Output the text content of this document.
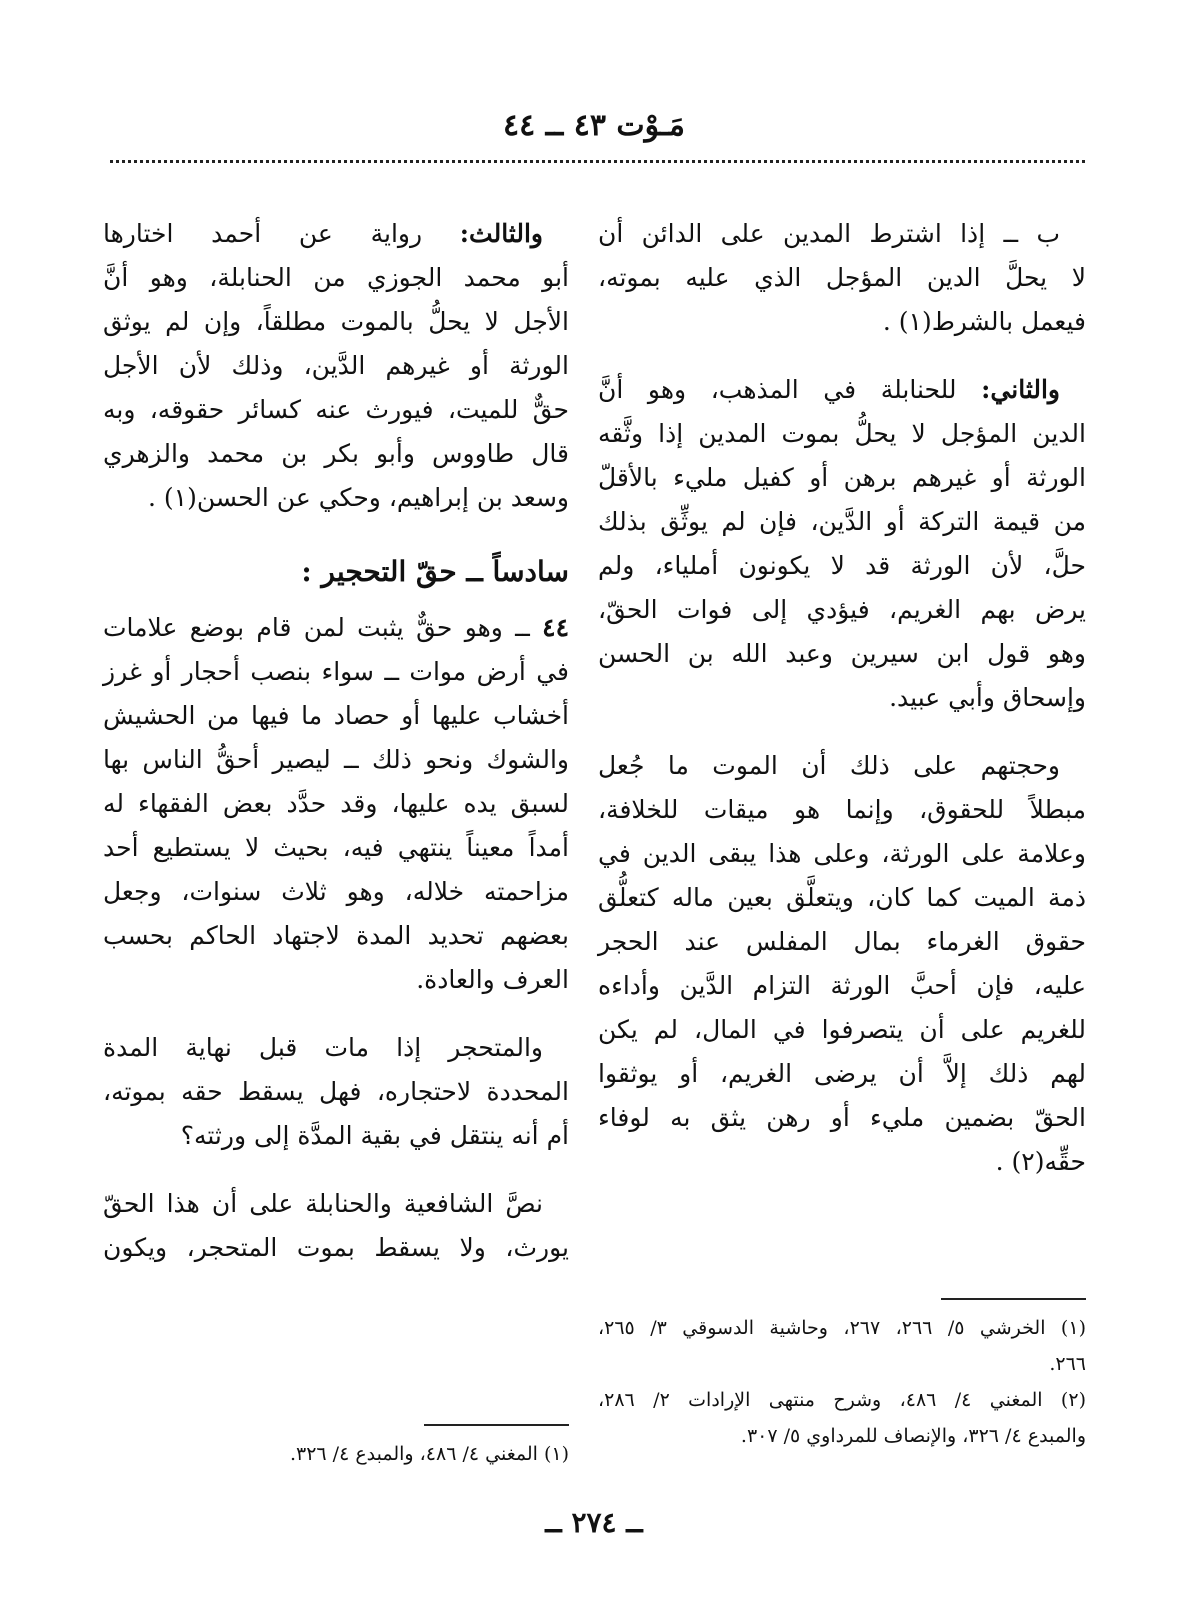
مَـوْت ٤٣ ــ ٤٤
ب ــ إذا اشترط المدين على الدائن أن
لا يحلَّ الدين المؤجل الذي عليه بموته،
فيعمل بالشرط(١) .
والثاني: للحنابلة في المذهب، وهو أنَّ
الدين المؤجل لا يحلُّ بموت المدين إذا وثَّقه
الورثة أو غيرهم برهن أو كفيل مليء بالأقلّ
من قيمة التركة أو الدَّين، فإن لم يوثِّق بذلك
حلَّ، لأن الورثة قد لا يكونون أملياء، ولم
يرض بهم الغريم، فيؤدي إلى فوات الحقّ،
وهو قول ابن سيرين وعبد الله بن الحسن
وإسحاق وأبي عبيد.
وحجتهم على ذلك أن الموت ما جُعل
مبطلاً للحقوق، وإنما هو ميقات للخلافة،
وعلامة على الورثة، وعلى هذا يبقى الدين في
ذمة الميت كما كان، ويتعلَّق بعين ماله كتعلُّق
حقوق الغرماء بمال المفلس عند الحجر
عليه، فإن أحبَّ الورثة التزام الدَّين وأداءه
للغريم على أن يتصرفوا في المال، لم يكن
لهم ذلك إلاَّ أن يرضى الغريم، أو يوثقوا
الحقّ بضمين مليء أو رهن يثق به لوفاء
حقِّه(٢) .
والثالث: رواية عن أحمد اختارها
أبو محمد الجوزي من الحنابلة، وهو أنَّ
الأجل لا يحلُّ بالموت مطلقاً، وإن لم يوثق
الورثة أو غيرهم الدَّين، وذلك لأن الأجل
حقٌّ للميت، فيورث عنه كسائر حقوقه، وبه
قال طاووس وأبو بكر بن محمد والزهري
وسعد بن إبراهيم، وحكي عن الحسن(١) .
سادساً ــ حقّ التحجير :
٤٤ ــ وهو حقٌّ يثبت لمن قام بوضع علامات
في أرض موات ــ سواء بنصب أحجار أو غرز
أخشاب عليها أو حصاد ما فيها من الحشيش
والشوك ونحو ذلك ــ ليصير أحقُّ الناس بها
لسبق يده عليها، وقد حدَّد بعض الفقهاء له
أمداً معيناً ينتهي فيه، بحيث لا يستطيع أحد
مزاحمته خلاله، وهو ثلاث سنوات، وجعل
بعضهم تحديد المدة لاجتهاد الحاكم بحسب
العرف والعادة.
والمتحجر إذا مات قبل نهاية المدة
المحددة لاحتجاره، فهل يسقط حقه بموته،
أم أنه ينتقل في بقية المدَّة إلى ورثته؟
نصَّ الشافعية والحنابلة على أن هذا الحقّ
يورث، ولا يسقط بموت المتحجر، ويكون
(١) الخرشي ٥/ ٢٦٦، ٢٦٧، وحاشية الدسوقي ٣/ ٢٦٥،
٢٦٦.
(٢) المغني ٤/ ٤٨٦، وشرح منتهى الإرادات ٢/ ٢٨٦،
والمبدع ٤/ ٣٢٦، والإنصاف للمرداوي ٥/ ٣٠٧.
(١) المغني ٤/ ٤٨٦، والمبدع ٤/ ٣٢٦.
ــ ٢٧٤ ــ
